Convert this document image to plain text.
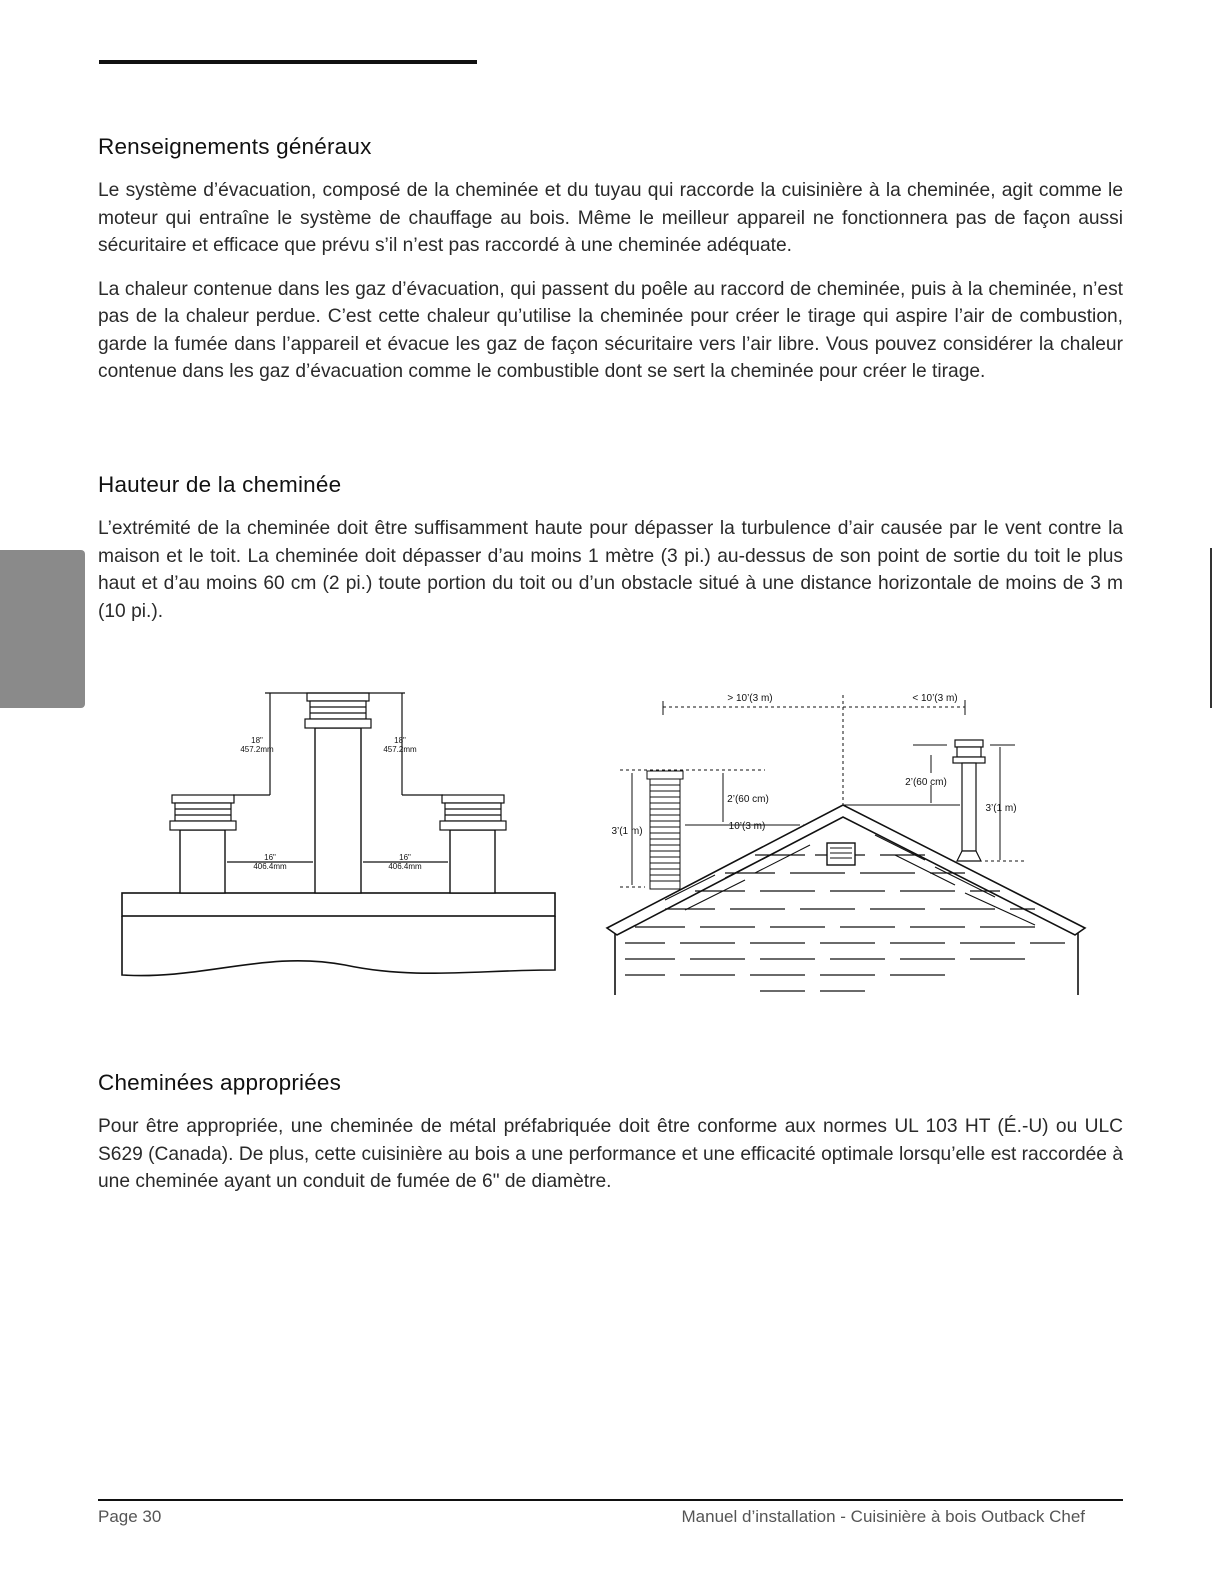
Renseignements généraux

Le système d’évacuation, composé de la cheminée et du tuyau qui raccorde la cuisinière à la cheminée, agit comme le moteur qui entraîne le système de chauffage au bois. Même le meilleur appareil ne fonctionnera pas de façon aussi sécuritaire et efficace que prévu s’il n’est pas raccordé à une cheminée adéquate.

La chaleur contenue dans les gaz d’évacuation, qui passent du poêle au raccord de cheminée, puis à la cheminée, n’est pas de la chaleur perdue. C’est cette chaleur qu’utilise la cheminée pour créer le tirage qui aspire l’air de combustion, garde la fumée dans l’appareil et évacue les gaz de façon sécuritaire vers l’air libre. Vous pouvez considérer la chaleur contenue dans les gaz d’évacuation comme le combustible dont se sert la cheminée pour créer le tirage.

Hauteur de la cheminée

L’extrémité de la cheminée doit être suffisamment haute pour dépasser la turbulence d’air causée par le vent contre la maison et le toit. La cheminée doit dépasser d’au moins 1 mètre (3 pi.) au-dessus de son point de sortie du toit le plus haut et d’au moins 60 cm (2 pi.) toute portion du toit ou d’un obstacle situé à une distance horizontale de moins de 3 m (10 pi.).

18"
457.2mm
18"
457.2mm
16"
406.4mm
16"
406.4mm
> 10’(3 m)	< 10’(3 m)
2’(60 cm)
3’(1 m)	10’(3 m)
2’(60 cm)
3’(1 m)
Cheminées appropriées

Pour être appropriée, une cheminée de métal préfabriquée doit être conforme aux normes UL 103 HT (É.-U) ou ULC S629 (Canada). De plus, cette cuisinière au bois a une performance et une efficacité optimale lorsqu’elle est raccordée à une cheminée ayant un conduit de fumée de 6" de diamètre.

Page 30	Manuel d’installation - Cuisinière à bois Outback Chef
